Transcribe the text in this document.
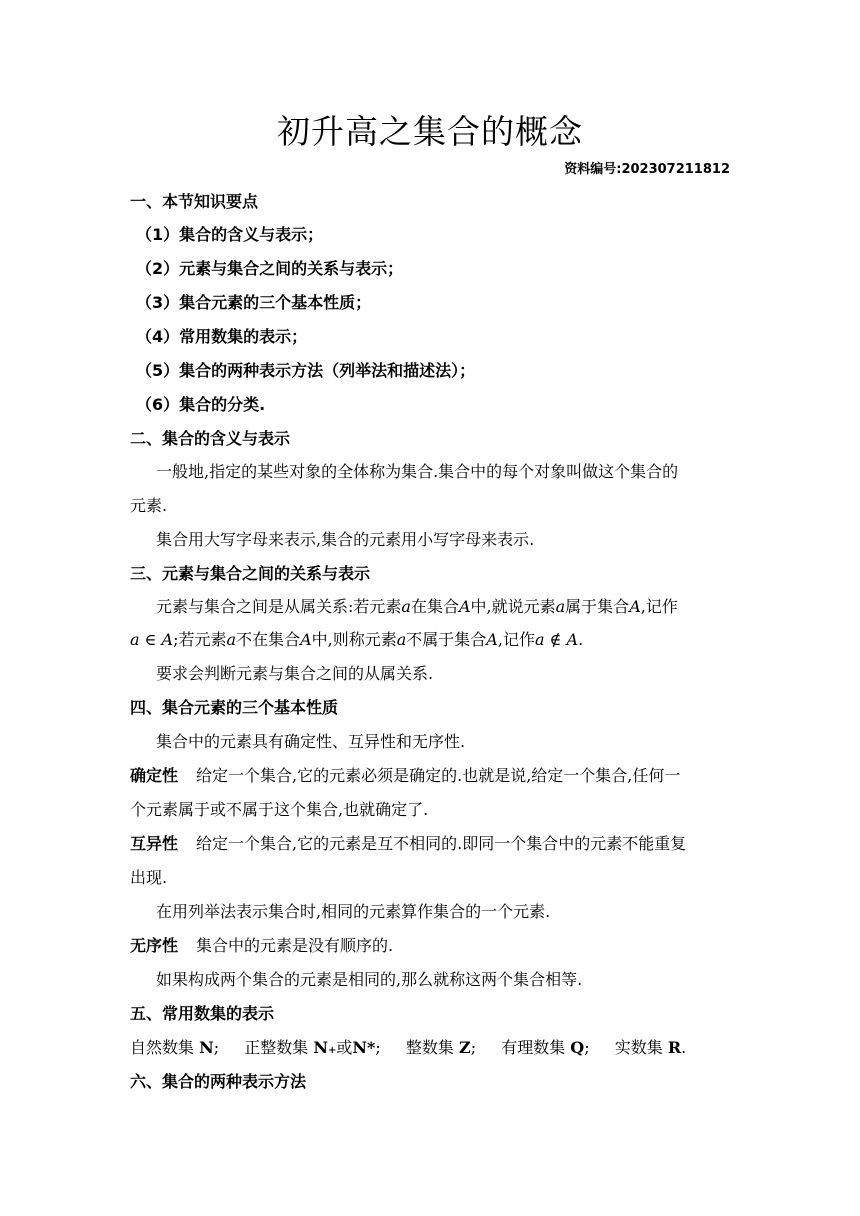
初升高之集合的概念
资料编号:202307211812
一、本节知识要点
（1）集合的含义与表示；
（2）元素与集合之间的关系与表示；
（3）集合元素的三个基本性质；
（4）常用数集的表示；
（5）集合的两种表示方法（列举法和描述法）；
（6）集合的分类.
二、集合的含义与表示
一般地,指定的某些对象的全体称为集合.集合中的每个对象叫做这个集合的
元素.
集合用大写字母来表示,集合的元素用小写字母来表示.
三、元素与集合之间的关系与表示
元素与集合之间是从属关系:若元素a在集合A中,就说元素a属于集合A,记作
a ∈ A;若元素a不在集合A中,则称元素a不属于集合A,记作a ∉ A.
要求会判断元素与集合之间的从属关系.
四、集合元素的三个基本性质
集合中的元素具有确定性、互异性和无序性.
确定性 给定一个集合,它的元素必须是确定的.也就是说,给定一个集合,任何一
个元素属于或不属于这个集合,也就确定了.
互异性 给定一个集合,它的元素是互不相同的.即同一个集合中的元素不能重复
出现.
在用列举法表示集合时,相同的元素算作集合的一个元素.
无序性 集合中的元素是没有顺序的.
如果构成两个集合的元素是相同的,那么就称这两个集合相等.
五、常用数集的表示
自然数集 N; 正整数集 N₊或N*; 整数集 Z; 有理数集 Q; 实数集 R.
六、集合的两种表示方法
